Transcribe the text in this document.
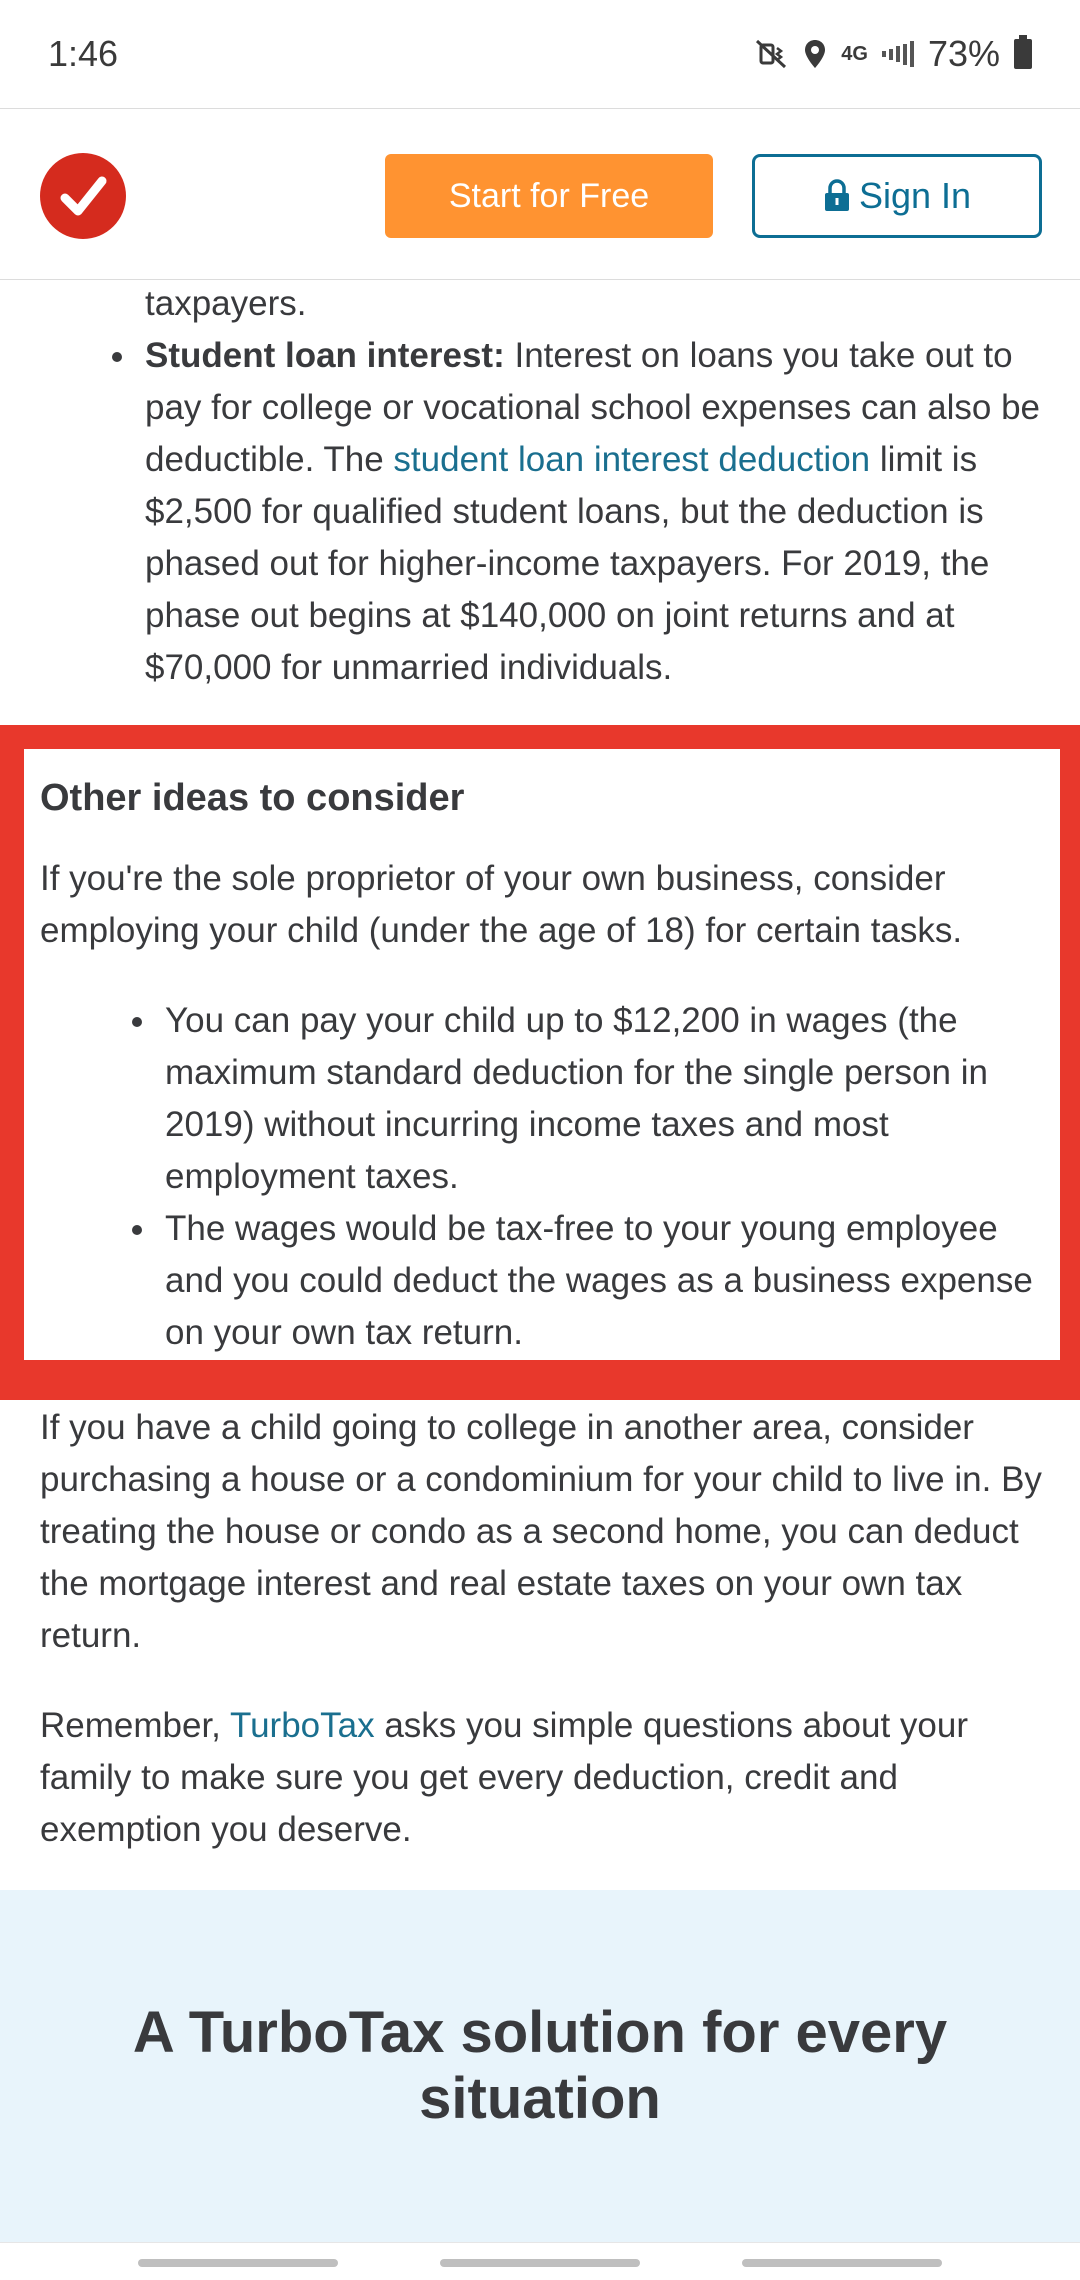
1:46	4G 73%
Start for Free	Sign In
taxpayers.
Student loan interest: Interest on loans you take out to pay for college or vocational school expenses can also be deductible. The student loan interest deduction limit is $2,500 for qualified student loans, but the deduction is phased out for higher-income taxpayers. For 2019, the phase out begins at $140,000 on joint returns and at $70,000 for unmarried individuals.
Other ideas to consider

If you're the sole proprietor of your own business, consider employing your child (under the age of 18) for certain tasks.

You can pay your child up to $12,200 in wages (the maximum standard deduction for the single person in 2019) without incurring income taxes and most employment taxes.
The wages would be tax-free to your young employee and you could deduct the wages as a business expense on your own tax return.

If you have a child going to college in another area, consider purchasing a house or a condominium for your child to live in. By treating the house or condo as a second home, you can deduct the mortgage interest and real estate taxes on your own tax return.

Remember, TurboTax asks you simple questions about your family to make sure you get every deduction, credit and exemption you deserve.

A TurboTax solution for every situation
